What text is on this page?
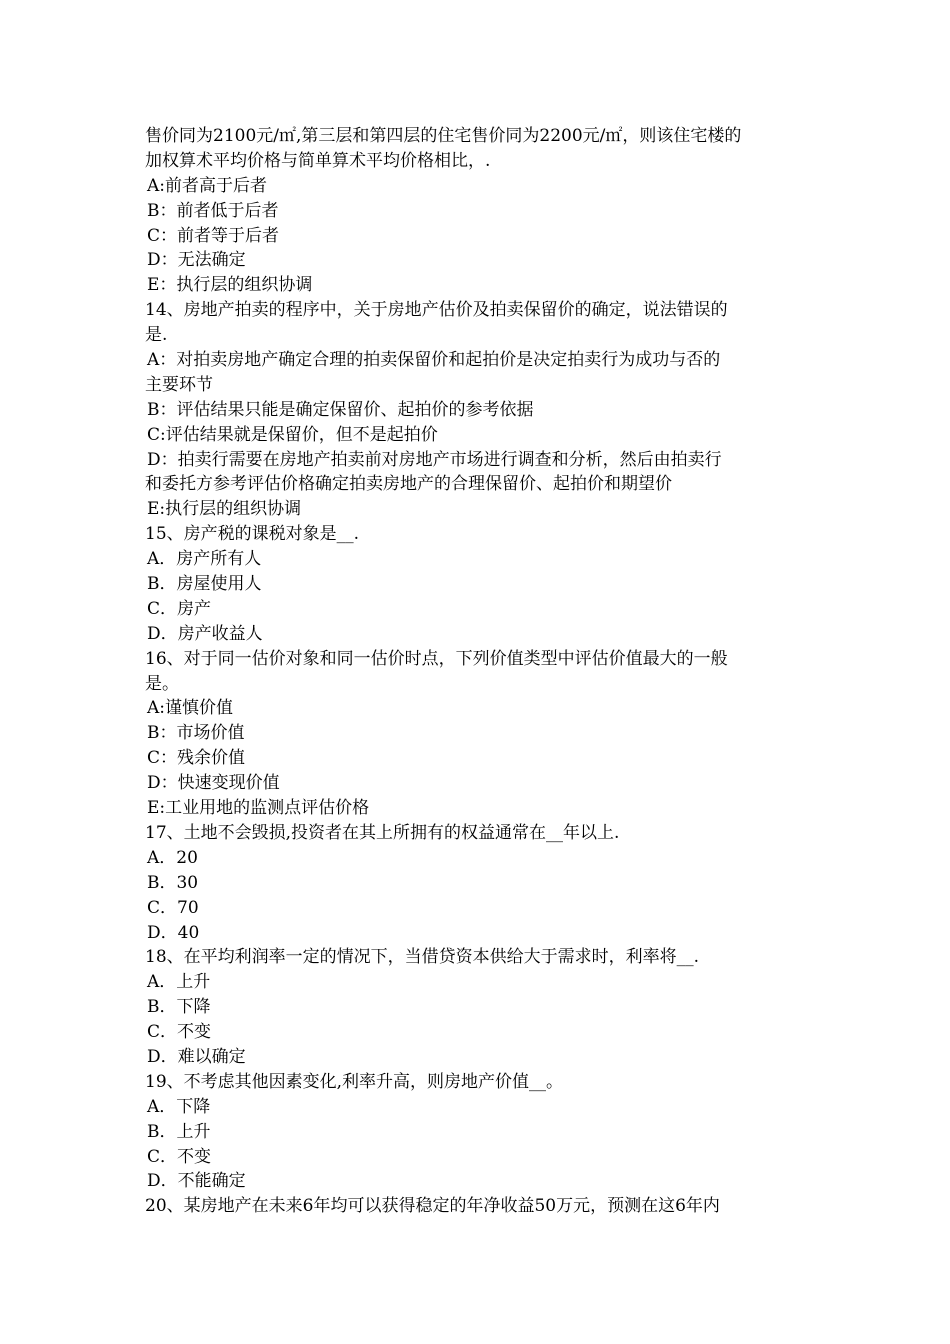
售价同为2100元/㎡,第三层和第四层的住宅售价同为2200元/㎡，则该住宅楼的
加权算术平均价格与简单算术平均价格相比，.
A:前者高于后者
B：前者低于后者
C：前者等于后者
D：无法确定
E：执行层的组织协调
14、房地产拍卖的程序中，关于房地产估价及拍卖保留价的确定，说法错误的
是.
A：对拍卖房地产确定合理的拍卖保留价和起拍价是决定拍卖行为成功与否的
主要环节
B：评估结果只能是确定保留价、起拍价的参考依据
C:评估结果就是保留价，但不是起拍价
D：拍卖行需要在房地产拍卖前对房地产市场进行调查和分析，然后由拍卖行
和委托方参考评估价格确定拍卖房地产的合理保留价、起拍价和期望价
E:执行层的组织协调
15、房产税的课税对象是__.
A．房产所有人
B．房屋使用人
C．房产
D．房产收益人
16、对于同一估价对象和同一估价时点，下列价值类型中评估价值最大的一般
是。
A:谨慎价值
B：市场价值
C：残余价值
D：快速变现价值
E:工业用地的监测点评估价格
17、土地不会毁损,投资者在其上所拥有的权益通常在__年以上.
A．20
B．30
C．70
D．40
18、在平均利润率一定的情况下，当借贷资本供给大于需求时，利率将__.
A．上升
B．下降
C．不变
D．难以确定
19、不考虑其他因素变化,利率升高，则房地产价值__。
A．下降
B．上升
C．不变
D．不能确定
20、某房地产在未来6年均可以获得稳定的年净收益50万元，预测在这6年内
